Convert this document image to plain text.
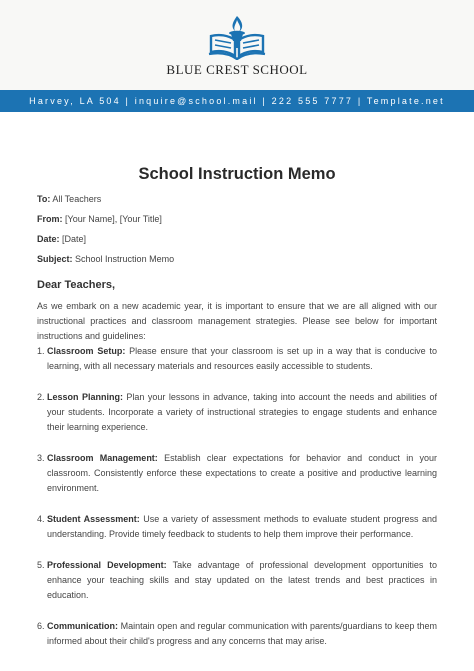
BLUE CREST SCHOOL
Harvey, LA 504 | inquire@school.mail | 222 555 7777 | Template.net
School Instruction Memo
To: All Teachers
From: [Your Name], [Your Title]
Date: [Date]
Subject: School Instruction Memo
Dear Teachers,

As we embark on a new academic year, it is important to ensure that we are all aligned with our instructional practices and classroom management strategies. Please see below for important instructions and guidelines:

1. Classroom Setup: Please ensure that your classroom is set up in a way that is conducive to learning, with all necessary materials and resources easily accessible to students.
2. Lesson Planning: Plan your lessons in advance, taking into account the needs and abilities of your students. Incorporate a variety of instructional strategies to engage students and enhance their learning experience.
3. Classroom Management: Establish clear expectations for behavior and conduct in your classroom. Consistently enforce these expectations to create a positive and productive learning environment.
4. Student Assessment: Use a variety of assessment methods to evaluate student progress and understanding. Provide timely feedback to students to help them improve their performance.
5. Professional Development: Take advantage of professional development opportunities to enhance your teaching skills and stay updated on the latest trends and best practices in education.
6. Communication: Maintain open and regular communication with parents/guardians to keep them informed about their child's progress and any concerns that may arise.
